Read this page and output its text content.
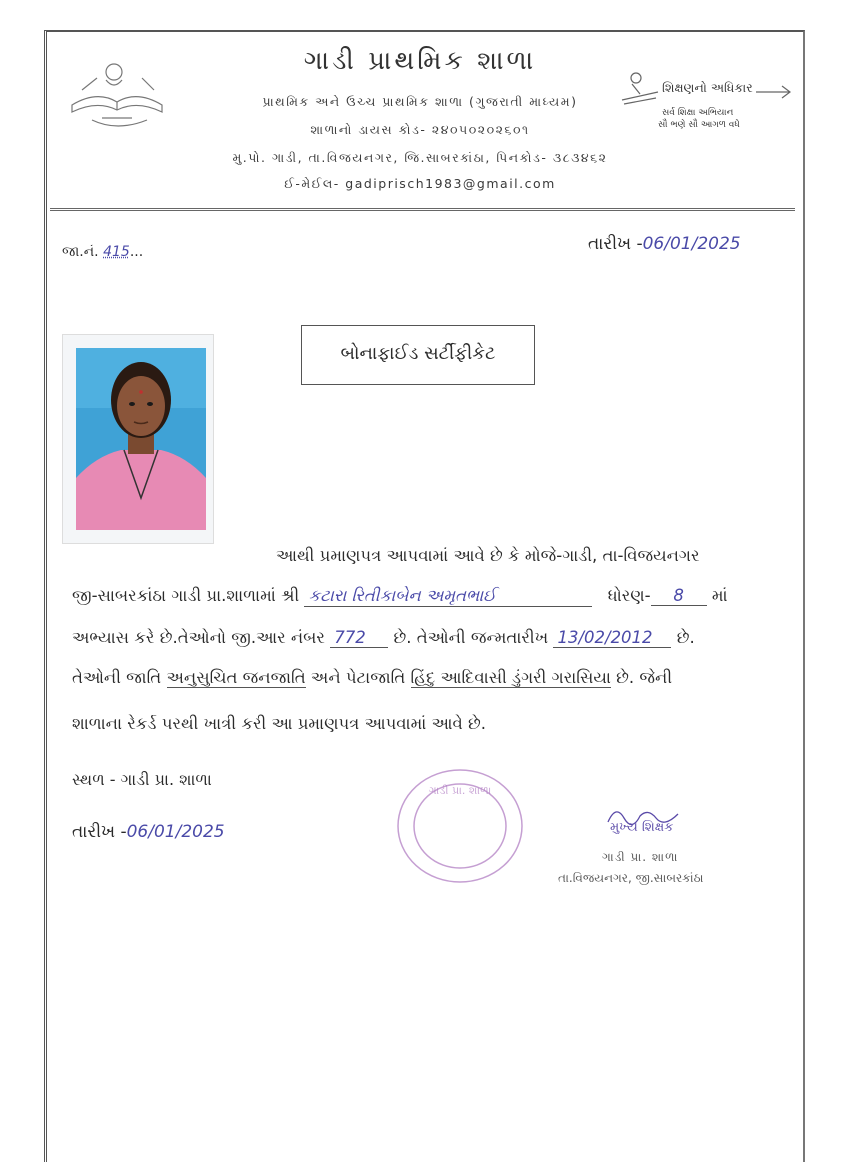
શિક્ષણનો અધિકાર
સર્વ શિક્ષા અભિયાન
સૌ ભણે સૌ આગળ વધે
ગાડી પ્રાથમિક શાળા
પ્રાથમિક અને ઉચ્ચ પ્રાથમિક શાળા (ગુજરાતી માધ્યમ)
શાળાનો ડાયસ કોડ- ૨૪૦૫૦૨૦૨૬૦૧
મુ.પો. ગાડી, તા.વિજયનગર, જિ.સાબરકાંઠા, પિનકોડ- ૩૮૩૪૬૨
ઈ-મેઈલ- gadiprisch1983@gmail.com
જા.નં. 415...	તારીખ -06/01/2025
બોનાફાઈડ સર્ટીફીકેટ
આથી પ્રમાણપત્ર આપવામાં આવે છે કે મોજે-ગાડી, તા-વિજયનગર
જી-સાબરકાંઠા ગાડી પ્રા.શાળામાં શ્રી કટારા રિતીકાબેન અમૃતભાઈ	ધોરણ- 8 માં
અભ્યાસ કરે છે.તેઓનો જી.આર નંબર 772 છે. તેઓની જન્મતારીખ 13/02/2012 છે.
તેઓની જાતિ અનુસુચિત જનજાતિ અને પેટાજાતિ હિંદુ આદિવાસી ડુંગરી ગરાસિયા છે. જેની
શાળાના રેકર્ડ પરથી ખાત્રી કરી આ પ્રમાણપત્ર આપવામાં આવે છે.
સ્થળ - ગાડી પ્રા. શાળા
તારીખ -06/01/2025
ગાડી પ્રા. શાળા
મુખ્ય શિક્ષક
ગાડી પ્રા. શાળા
તા.વિજયનગર, જી.સાબરકાંઠા
